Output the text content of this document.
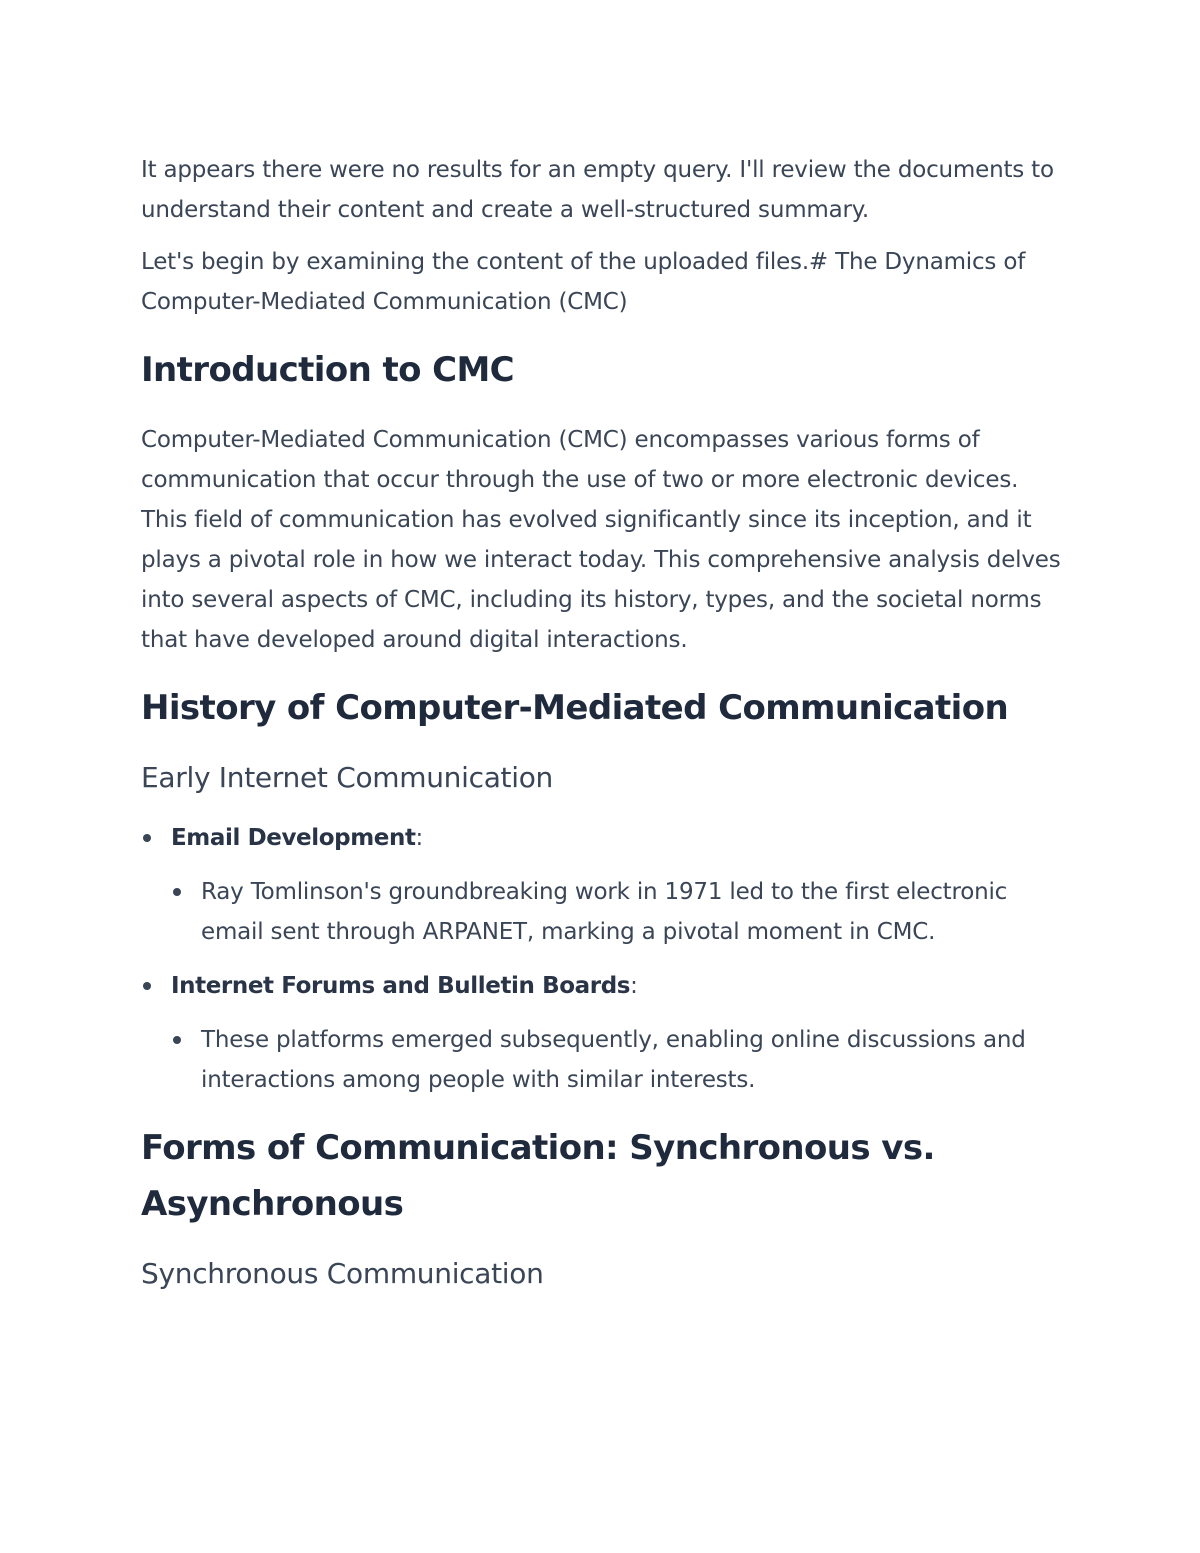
It appears there were no results for an empty query. I'll review the documents to understand their content and create a well-structured summary.

Let's begin by examining the content of the uploaded files.# The Dynamics of Computer-Mediated Communication (CMC)

Introduction to CMC

Computer-Mediated Communication (CMC) encompasses various forms of communication that occur through the use of two or more electronic devices. This field of communication has evolved significantly since its inception, and it plays a pivotal role in how we interact today. This comprehensive analysis delves into several aspects of CMC, including its history, types, and the societal norms that have developed around digital interactions.

History of Computer-Mediated Communication
Early Internet Communication
Email Development:
Ray Tomlinson's groundbreaking work in 1971 led to the first electronic email sent through ARPANET, marking a pivotal moment in CMC.
Internet Forums and Bulletin Boards:
These platforms emerged subsequently, enabling online discussions and interactions among people with similar interests.
Forms of Communication: Synchronous vs. Asynchronous
Synchronous Communication
